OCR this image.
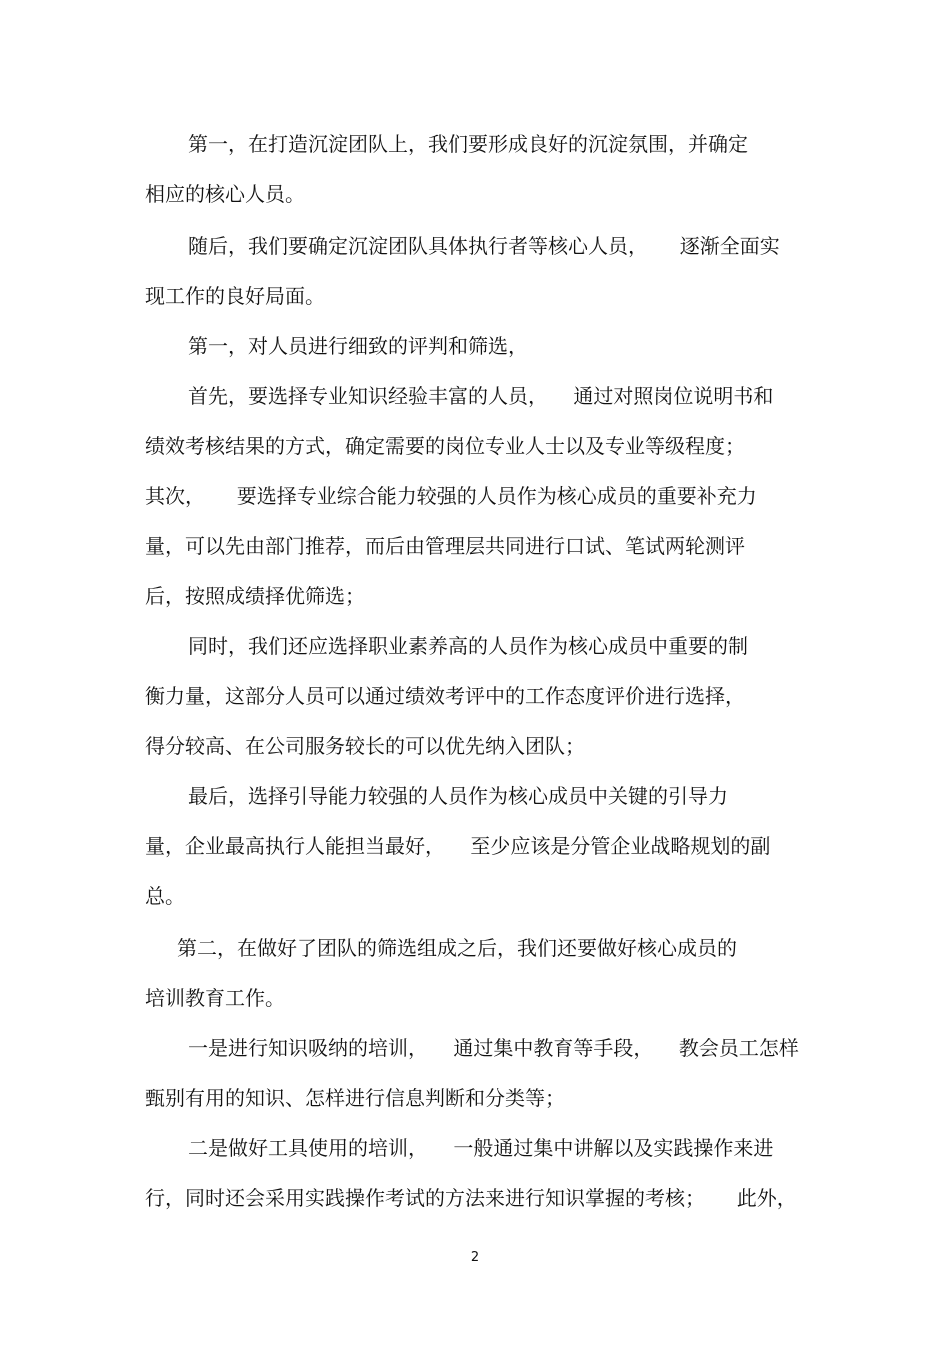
第一，在打造沉淀团队上，我们要形成良好的沉淀氛围，并确定

相应的核心人员。

随后，我们要确定沉淀团队具体执行者等核心人员，     逐渐全面实

现工作的良好局面。

第一，对人员进行细致的评判和筛选，

首先，要选择专业知识经验丰富的人员，    通过对照岗位说明书和

绩效考核结果的方式，确定需要的岗位专业人士以及专业等级程度；

其次，     要选择专业综合能力较强的人员作为核心成员的重要补充力

量，可以先由部门推荐，而后由管理层共同进行口试、笔试两轮测评

后，按照成绩择优筛选；

同时，我们还应选择职业素养高的人员作为核心成员中重要的制

衡力量，这部分人员可以通过绩效考评中的工作态度评价进行选择，

得分较高、在公司服务较长的可以优先纳入团队；

最后，选择引导能力较强的人员作为核心成员中关键的引导力

量，企业最高执行人能担当最好，    至少应该是分管企业战略规划的副

总。

第二，在做好了团队的筛选组成之后，我们还要做好核心成员的

培训教育工作。

一是进行知识吸纳的培训，    通过集中教育等手段，    教会员工怎样

甄别有用的知识、怎样进行信息判断和分类等；

二是做好工具使用的培训，    一般通过集中讲解以及实践操作来进

行，同时还会采用实践操作考试的方法来进行知识掌握的考核；     此外，

2
